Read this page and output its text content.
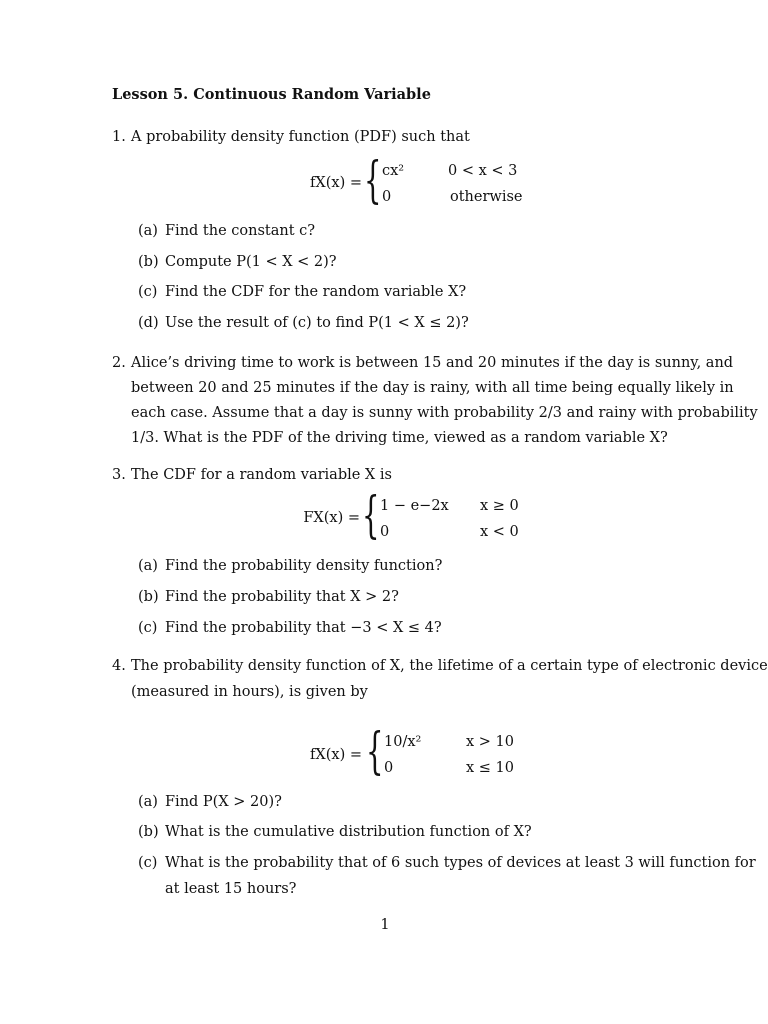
Lesson 5. Continuous Random Variable
1. A probability density function (PDF) such that
fX(x) = { cx²	0 < x < 3
0	otherwise
(a) Find the constant c?
(b) Compute P(1 < X < 2)?
(c) Find the CDF for the random variable X?
(d) Use the result of (c) to find P(1 < X ≤ 2)?
2. Alice’s driving time to work is between 15 and 20 minutes if the day is sunny, and
between 20 and 25 minutes if the day is rainy, with all time being equally likely in
each case. Assume that a day is sunny with probability 2/3 and rainy with probability
1/3. What is the PDF of the driving time, viewed as a random variable X?
3. The CDF for a random variable X is
FX(x) = { 1 − e−2x x ≥ 0
0	x < 0
(a) Find the probability density function?
(b) Find the probability that X > 2?
(c) Find the probability that −3 < X ≤ 4?
4. The probability density function of X, the lifetime of a certain type of electronic device
(measured in hours), is given by
fX(x) = { 10/x²	x > 10
0	x ≤ 10
(a) Find P(X > 20)?
(b) What is the cumulative distribution function of X?
(c) What is the probability that of 6 such types of devices at least 3 will function for
at least 15 hours?
1
